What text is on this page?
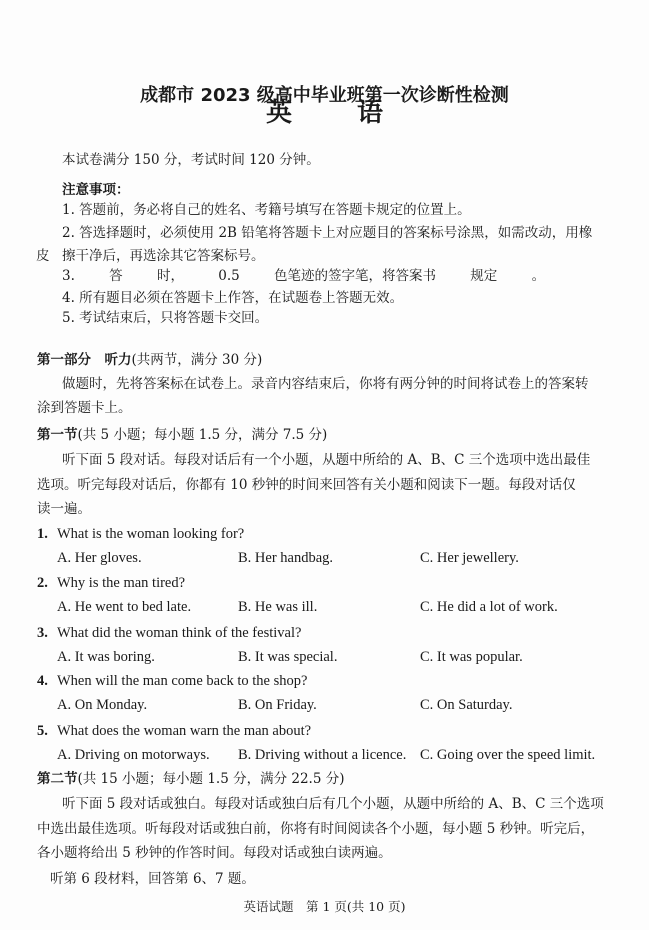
成都市 2023 级高中毕业班第一次诊断性检测
英 语
本试卷满分 150 分，考试时间 120 分钟。
注意事项：
1. 答题前，务必将自己的姓名、考籍号填写在答题卡规定的位置上。
2. 答选择题时，必须使用 2B 铅笔将答题卡上对应题目的答案标号涂黑，如需改动，用橡
皮 擦干净后，再选涂其它答案标号。
3. 答 时， 0.5 色笔迹的签字笔，将答案书 规定 。
4. 所有题目必须在答题卡上作答，在试题卷上答题无效。
5. 考试结束后，只将答题卡交回。
第一部分　听力(共两节，满分 30 分)
做题时，先将答案标在试卷上。录音内容结束后，你将有两分钟的时间将试卷上的答案转
涂到答题卡上。
第一节(共 5 小题；每小题 1.5 分，满分 7.5 分)
听下面 5 段对话。每段对话后有一个小题，从题中所给的 A、B、C 三个选项中选出最佳
选项。听完每段对话后，你都有 10 秒钟的时间来回答有关小题和阅读下一题。每段对话仅
读一遍。
1. What is the woman looking for?
A. Her gloves.	B. Her handbag.	C. Her jewellery.
2. Why is the man tired?
A. He went to bed late.	B. He was ill.	C. He did a lot of work.
3. What did the woman think of the festival?
A. It was boring.	B. It was special.	C. It was popular.
4. When will the man come back to the shop?
A. On Monday.	B. On Friday.	C. On Saturday.
5. What does the woman warn the man about?
A. Driving on motorways. B. Driving without a licence. C. Going over the speed limit.
第二节(共 15 小题；每小题 1.5 分，满分 22.5 分)
听下面 5 段对话或独白。每段对话或独白后有几个小题，从题中所给的 A、B、C 三个选项
中选出最佳选项。听每段对话或独白前，你将有时间阅读各个小题，每小题 5 秒钟。听完后，
各小题将给出 5 秒钟的作答时间。每段对话或独白读两遍。
听第 6 段材料，回答第 6、7 题。
英语试题　第 1 页(共 10 页)
